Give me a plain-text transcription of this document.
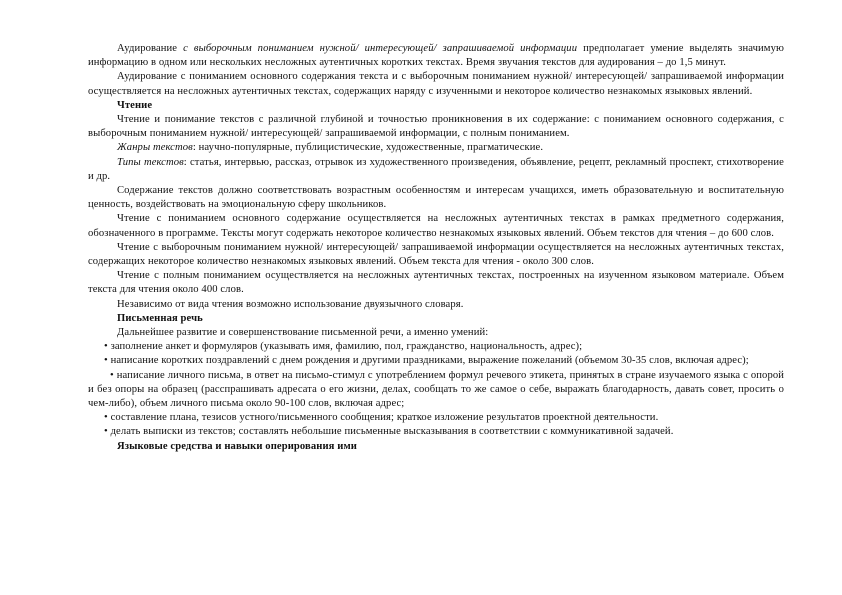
Аудирование с выборочным пониманием нужной/ интересующей/ запрашиваемой информации предполагает умение выделять значимую информацию в одном или нескольких несложных аутентичных коротких текстах. Время звучания текстов для аудирования – до 1,5 минут.

Аудирование с пониманием основного содержания текста и с выборочным пониманием нужной/ интересующей/ запрашиваемой информации осуществляется на несложных аутентичных текстах, содержащих наряду с изученными и некоторое количество незнакомых языковых явлений.

Чтение

Чтение и понимание текстов с различной глубиной и точностью проникновения в их содержание: с пониманием основного содержания, с выборочным пониманием нужной/ интересующей/ запрашиваемой информации, с полным пониманием.

Жанры текстов: научно-популярные, публицистические, художественные, прагматические.

Типы текстов: статья, интервью, рассказ, отрывок из художественного произведения, объявление, рецепт, рекламный проспект, стихотворение и др.

Содержание текстов должно соответствовать возрастным особенностям и интересам учащихся, иметь образовательную и воспитательную ценность, воздействовать на эмоциональную сферу школьников.

Чтение с пониманием основного содержание осуществляется на несложных аутентичных текстах в рамках предметного содержания, обозначенного в программе. Тексты могут содержать некоторое количество незнакомых языковых явлений. Объем текстов для чтения – до 600 слов.

Чтение с выборочным пониманием нужной/ интересующей/ запрашиваемой информации осуществляется на несложных аутентичных текстах, содержащих некоторое количество незнакомых языковых явлений. Объем текста для чтения - около 300 слов.

Чтение с полным пониманием осуществляется на несложных аутентичных текстах, построенных на изученном языковом материале. Объем текста для чтения около 400 слов.

Независимо от вида чтения возможно использование двуязычного словаря.

Письменная речь

Дальнейшее развитие и совершенствование письменной речи, а именно умений:

• заполнение анкет и формуляров (указывать имя, фамилию, пол, гражданство, национальность, адрес);

• написание коротких поздравлений с днем рождения и другими праздниками, выражение пожеланий (объемом 30-35 слов, включая адрес);

• написание личного письма, в ответ на письмо-стимул с употреблением формул речевого этикета, принятых в стране изучаемого языка с опорой и без опоры на образец (расспрашивать адресата о его жизни, делах, сообщать то же самое о себе, выражать благодарность, давать совет, просить о чем-либо), объем личного письма около 90-100 слов, включая адрес;

• составление плана, тезисов устного/письменного сообщения; краткое изложение результатов проектной деятельности.

• делать выписки из текстов; составлять небольшие письменные высказывания в соответствии с коммуникативной задачей.

Языковые средства и навыки оперирования ими
